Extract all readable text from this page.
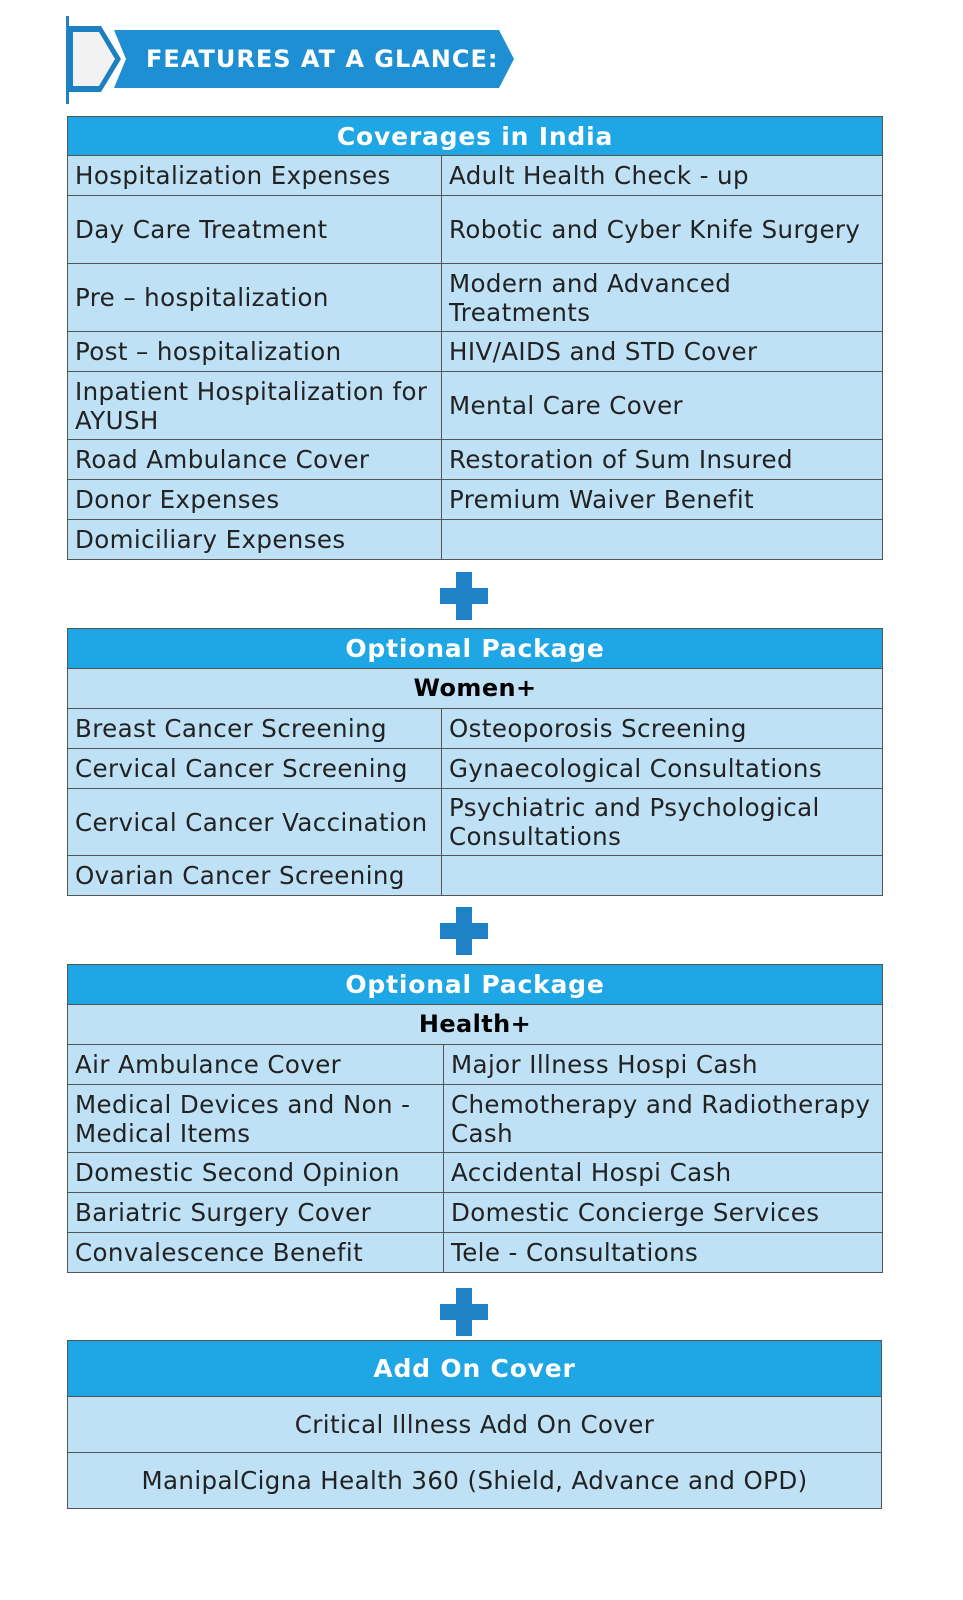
FEATURES AT A GLANCE:
Coverages in India	
Hospitalization Expenses	Adult Health Check - up
Day Care Treatment	Robotic and Cyber Knife Surgery
Pre – hospitalization	Modern and Advanced Treatments
Post – hospitalization	HIV/AIDS and STD Cover
Inpatient Hospitalization for AYUSH	Mental Care Cover
Road Ambulance Cover	Restoration of Sum Insured
Donor Expenses	Premium Waiver Benefit
Domiciliary Expenses	
Optional Package	
Women+	
Breast Cancer Screening	Osteoporosis Screening
Cervical Cancer Screening	Gynaecological Consultations
Cervical Cancer Vaccination	Psychiatric and Psychological Consultations
Ovarian Cancer Screening	
Optional Package	
Health+	
Air Ambulance Cover	Major Illness Hospi Cash
Medical Devices and Non - Medical Items	Chemotherapy and Radiotherapy Cash
Domestic Second Opinion	Accidental Hospi Cash
Bariatric Surgery Cover	Domestic Concierge Services
Convalescence Benefit	Tele - Consultations
Add On Cover
Critical Illness Add On Cover
ManipalCigna Health 360 (Shield, Advance and OPD)
